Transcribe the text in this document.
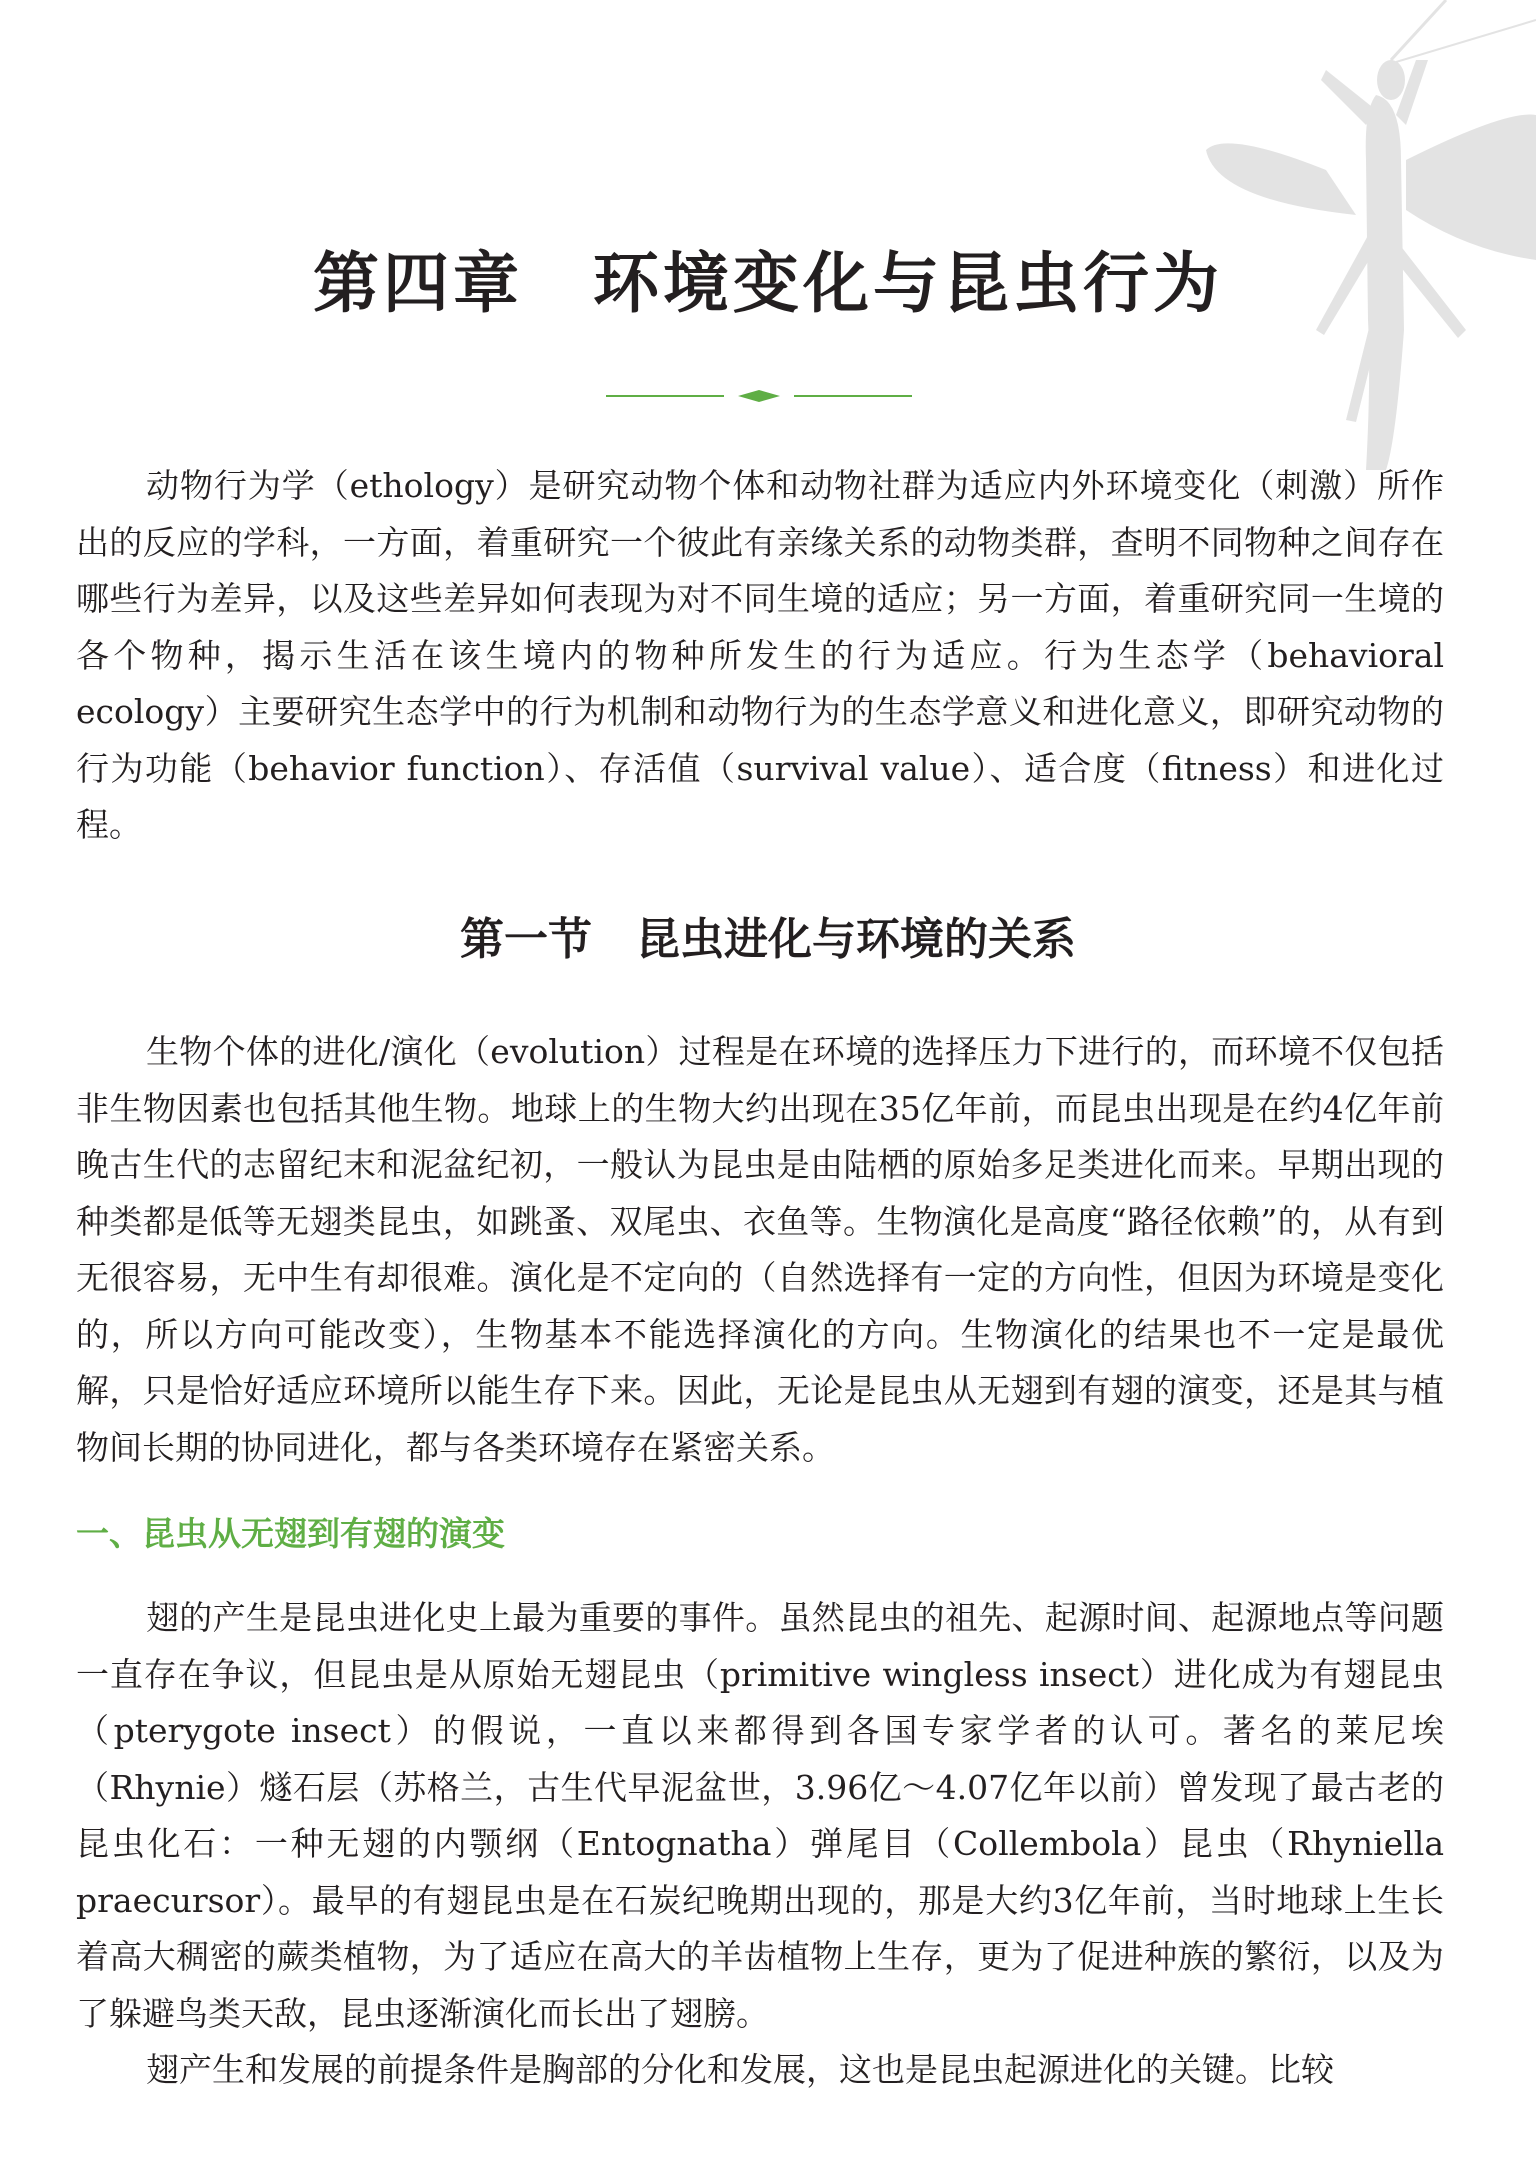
第四章 环境变化与昆虫行为

动物行为学（ethology）是研究动物个体和动物社群为适应内外环境变化（刺激）所作出的反应的学科，一方面，着重研究一个彼此有亲缘关系的动物类群，查明不同物种之间存在哪些行为差异，以及这些差异如何表现为对不同生境的适应；另一方面，着重研究同一生境的各个物种，揭示生活在该生境内的物种所发生的行为适应。行为生态学（behavioral ecology）主要研究生态学中的行为机制和动物行为的生态学意义和进化意义，即研究动物的行为功能（behavior function）、存活值（survival value）、适合度（fitness）和进化过程。

第一节 昆虫进化与环境的关系

生物个体的进化/演化（evolution）过程是在环境的选择压力下进行的，而环境不仅包括非生物因素也包括其他生物。地球上的生物大约出现在35亿年前，而昆虫出现是在约4亿年前晚古生代的志留纪末和泥盆纪初，一般认为昆虫是由陆栖的原始多足类进化而来。早期出现的种类都是低等无翅类昆虫，如跳蚤、双尾虫、衣鱼等。生物演化是高度“路径依赖”的，从有到无很容易，无中生有却很难。演化是不定向的（自然选择有一定的方向性，但因为环境是变化的，所以方向可能改变），生物基本不能选择演化的方向。生物演化的结果也不一定是最优解，只是恰好适应环境所以能生存下来。因此，无论是昆虫从无翅到有翅的演变，还是其与植物间长期的协同进化，都与各类环境存在紧密关系。

一、昆虫从无翅到有翅的演变

翅的产生是昆虫进化史上最为重要的事件。虽然昆虫的祖先、起源时间、起源地点等问题一直存在争议，但昆虫是从原始无翅昆虫（primitive wingless insect）进化成为有翅昆虫（pterygote insect）的假说，一直以来都得到各国专家学者的认可。著名的莱尼埃（Rhynie）燧石层（苏格兰，古生代早泥盆世，3.96亿～4.07亿年以前）曾发现了最古老的昆虫化石：一种无翅的内颚纲（Entognatha）弹尾目（Collembola）昆虫（Rhyniella praecursor）。最早的有翅昆虫是在石炭纪晚期出现的，那是大约3亿年前，当时地球上生长着高大稠密的蕨类植物，为了适应在高大的羊齿植物上生存，更为了促进种族的繁衍，以及为了躲避鸟类天敌，昆虫逐渐演化而长出了翅膀。

翅产生和发展的前提条件是胸部的分化和发展，这也是昆虫起源进化的关键。比较
